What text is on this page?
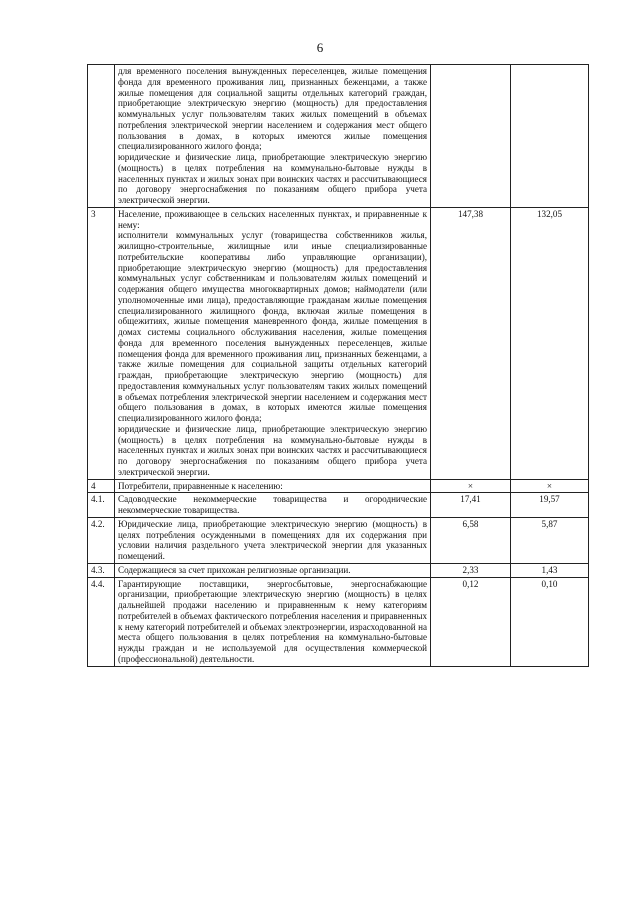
6

	для временного поселения вынужденных переселенцев, жилые помещения фонда для временного проживания лиц, признанных беженцами, а также жилые помещения для социальной защиты отдельных категорий граждан, приобретающие электрическую энергию (мощность) для предоставления коммунальных услуг пользователям таких жилых помещений в объемах потребления электрической энергии населением и содержания мест общего пользования в домах, в которых имеются жилые помещения специализированного жилого фонда;

юридические и физические лица, приобретающие электрическую энергию (мощность) в целях потребления на коммунально-бытовые нужды в населенных пунктах и жилых зонах при воинских частях и рассчитывающиеся по договору энергоснабжения по показаниям общего прибора учета электрической энергии.		

3	Население, проживающее в сельских населенных пунктах, и приравненные к нему:

исполнители коммунальных услуг (товарищества собственников жилья, жилищно-строительные, жилищные или иные специализированные потребительские кооперативы либо управляющие организации), приобретающие электрическую энергию (мощность) для предоставления коммунальных услуг собственникам и пользователям жилых помещений и содержания общего имущества многоквартирных домов; наймодатели (или уполномоченные ими лица), предоставляющие гражданам жилые помещения специализированного жилищного фонда, включая жилые помещения в общежитиях, жилые помещения маневренного фонда, жилые помещения в домах системы социального обслуживания населения, жилые помещения фонда для временного поселения вынужденных переселенцев, жилые помещения фонда для временного проживания лиц, признанных беженцами, а также жилые помещения для социальной защиты отдельных категорий граждан, приобретающие электрическую энергию (мощность) для предоставления коммунальных услуг пользователям таких жилых помещений в объемах потребления электрической энергии населением и содержания мест общего пользования в домах, в которых имеются жилые помещения специализированного жилого фонда;

юридические и физические лица, приобретающие электрическую энергию (мощность) в целях потребления на коммунально-бытовые нужды в населенных пунктах и жилых зонах при воинских частях и рассчитывающиеся по договору энергоснабжения по показаниям общего прибора учета электрической энергии.	147,38	132,05
4	Потребители, приравненные к населению:	×	×
4.1.	Садоводческие некоммерческие товарищества и огороднические некоммерческие товарищества.	17,41	19,57
4.2.	Юридические лица, приобретающие электрическую энергию (мощность) в целях потребления осужденными в помещениях для их содержания при условии наличия раздельного учета электрической энергии для указанных помещений.	6,58	5,87
4.3.	Содержащиеся за счет прихожан религиозные организации.	2,33	1,43
4.4.	Гарантирующие поставщики, энергосбытовые, энергоснабжающие организации, приобретающие электрическую энергию (мощность) в целях дальнейшей продажи населению и приравненным к нему категориям потребителей в объемах фактического потребления населения и приравненных к нему категорий потребителей и объемах электроэнергии, израсходованной на места общего пользования в целях потребления на коммунально-бытовые нужды граждан и не используемой для осуществления коммерческой (профессиональной) деятельности.	0,12	0,10
